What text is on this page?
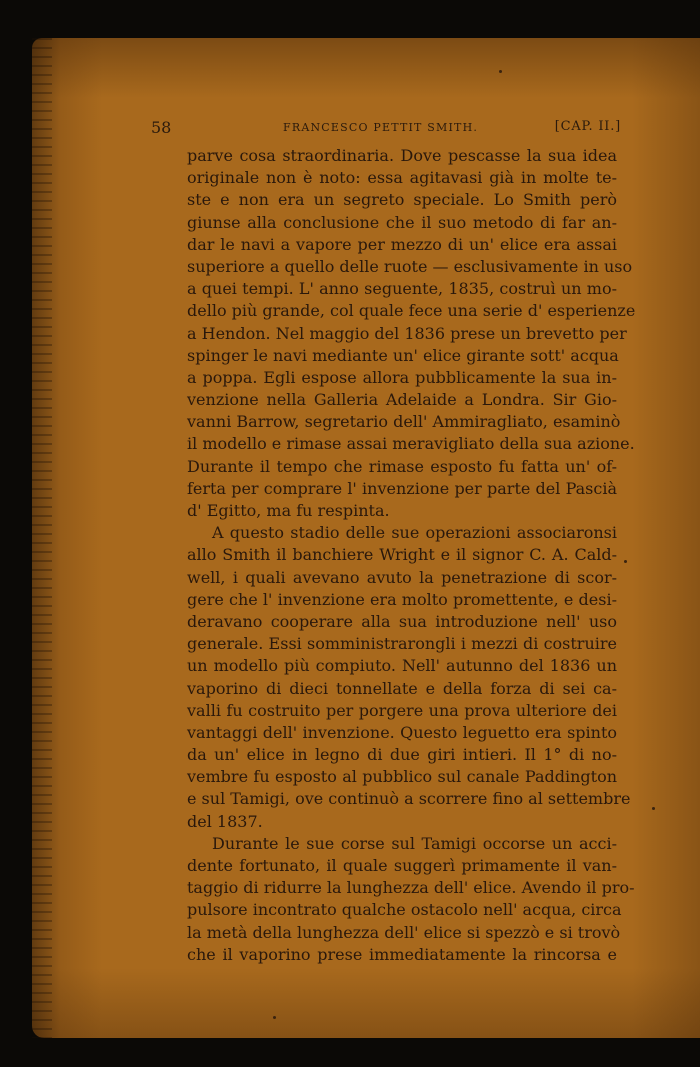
58	FRANCESCO PETTIT SMITH.	[CAP. II.]
parve cosa straordinaria. Dove pescasse la sua idea
originale non è noto: essa agitavasi già in molte te-
ste e non era un segreto speciale. Lo Smith però
giunse alla conclusione che il suo metodo di far an-
dar le navi a vapore per mezzo di un' elice era assai
superiore a quello delle ruote — esclusivamente in uso
a quei tempi. L' anno seguente, 1835, costruì un mo-
dello più grande, col quale fece una serie d' esperienze
a Hendon. Nel maggio del 1836 prese un brevetto per
spinger le navi mediante un' elice girante sott' acqua
a poppa. Egli espose allora pubblicamente la sua in-
venzione nella Galleria Adelaide a Londra. Sir Gio-
vanni Barrow, segretario dell' Ammiragliato, esaminò
il modello e rimase assai meravigliato della sua azione.
Durante il tempo che rimase esposto fu fatta un' of-
ferta per comprare l' invenzione per parte del Pascià
d' Egitto, ma fu respinta.
A questo stadio delle sue operazioni associaronsi
allo Smith il banchiere Wright e il signor C. A. Cald-
well, i quali avevano avuto la penetrazione di scor-
gere che l' invenzione era molto promettente, e desi-
deravano cooperare alla sua introduzione nell' uso
generale. Essi somministrarongli i mezzi di costruire
un modello più compiuto. Nell' autunno del 1836 un
vaporino di dieci tonnellate e della forza di sei ca-
valli fu costruito per porgere una prova ulteriore dei
vantaggi dell' invenzione. Questo leguetto era spinto
da un' elice in legno di due giri intieri. Il 1° di no-
vembre fu esposto al pubblico sul canale Paddington
e sul Tamigi, ove continuò a scorrere fino al settembre
del 1837.
Durante le sue corse sul Tamigi occorse un acci-
dente fortunato, il quale suggerì primamente il van-
taggio di ridurre la lunghezza dell' elice. Avendo il pro-
pulsore incontrato qualche ostacolo nell' acqua, circa
la metà della lunghezza dell' elice si spezzò e si trovò
che il vaporino prese immediatamente la rincorsa e
